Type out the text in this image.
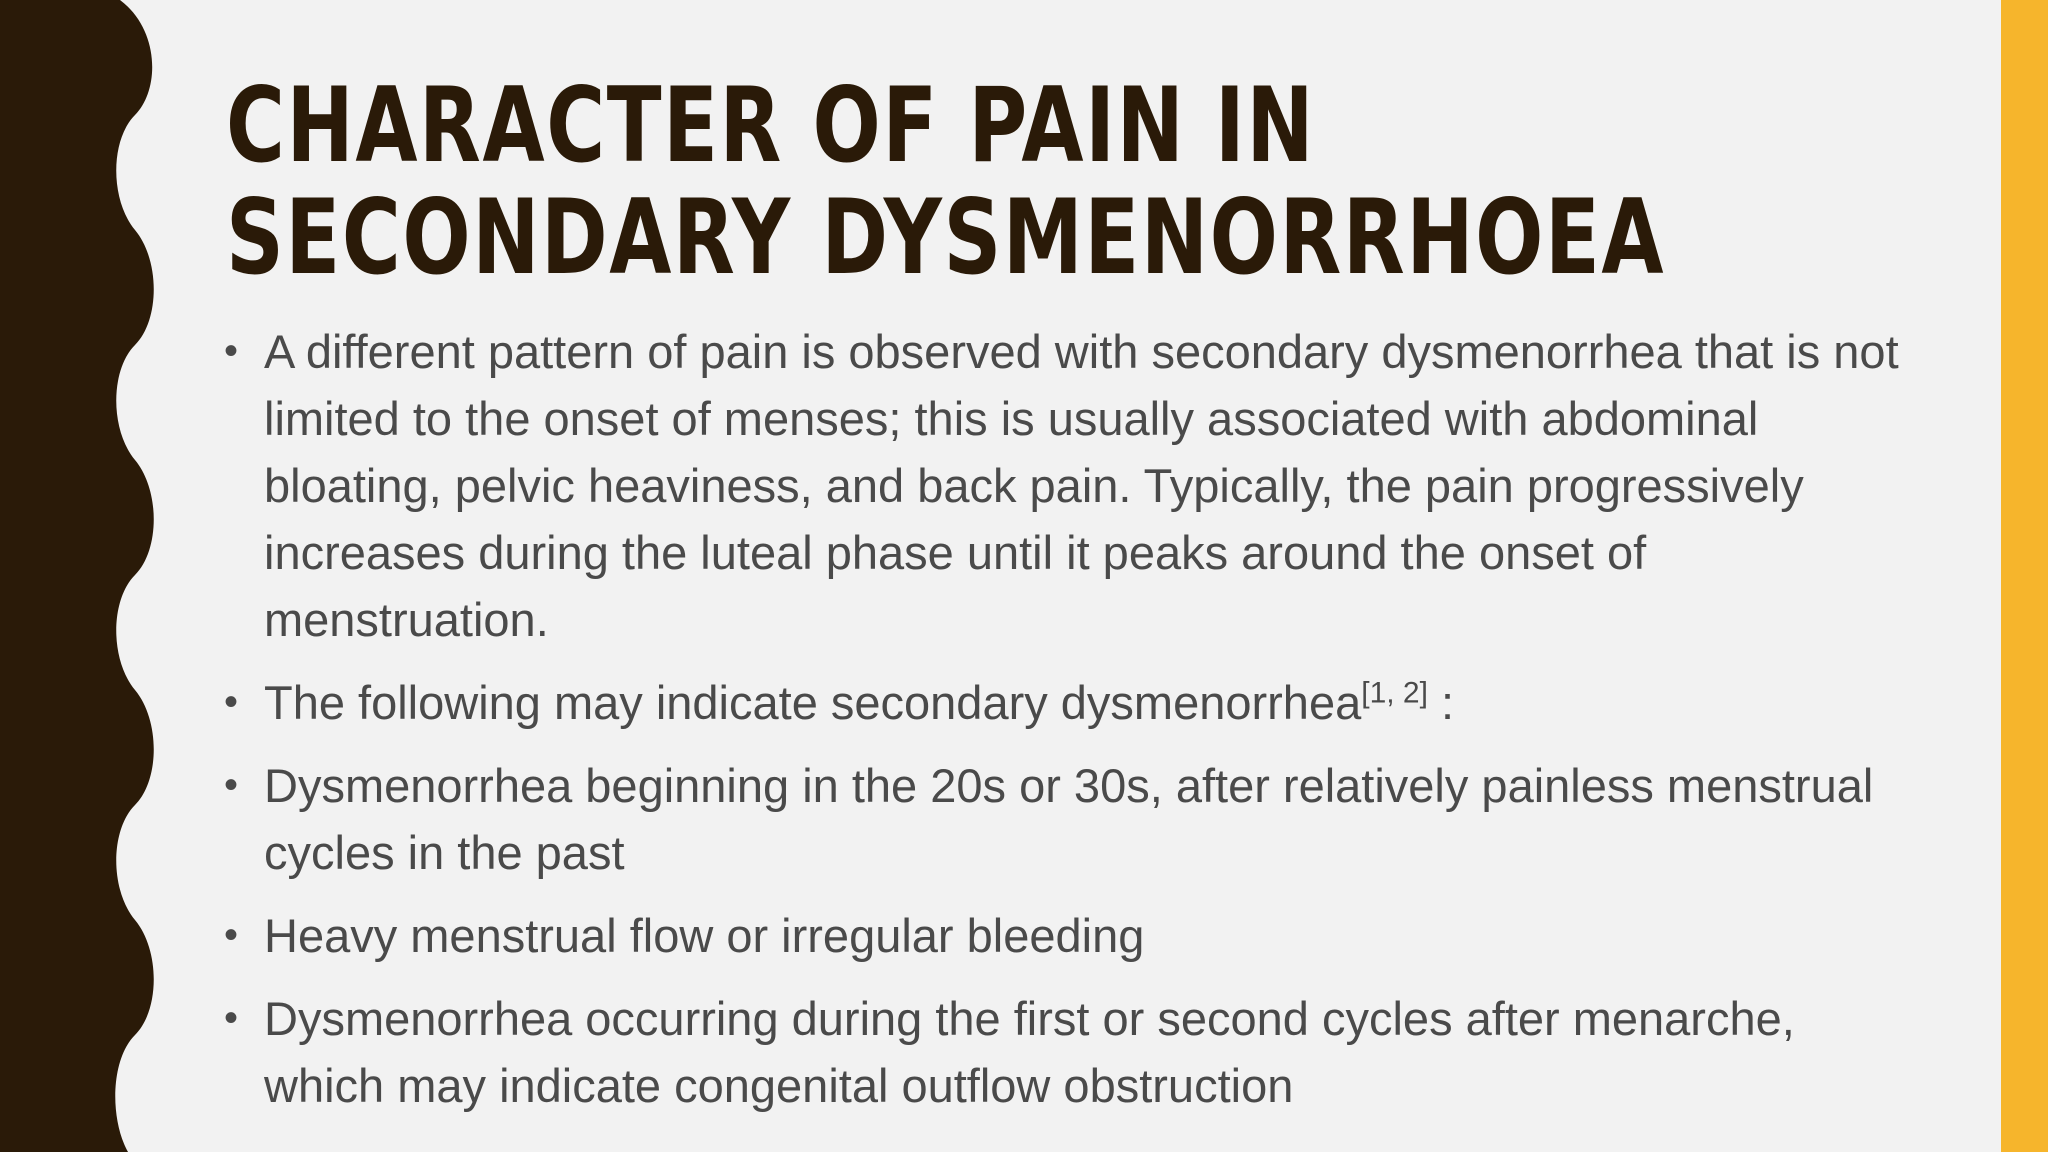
CHARACTER OF PAIN IN SECONDARY DYSMENORRHOEA
• A different pattern of pain is observed with secondary dysmenorrhea that is not limited to the onset of menses; this is usually associated with abdominal bloating, pelvic heaviness, and back pain. Typically, the pain progressively increases during the luteal phase until it peaks around the onset of menstruation.
• The following may indicate secondary dysmenorrhea[1, 2] :
• Dysmenorrhea beginning in the 20s or 30s, after relatively painless menstrual cycles in the past
• Heavy menstrual flow or irregular bleeding
• Dysmenorrhea occurring during the first or second cycles after menarche, which may indicate congenital outflow obstruction
